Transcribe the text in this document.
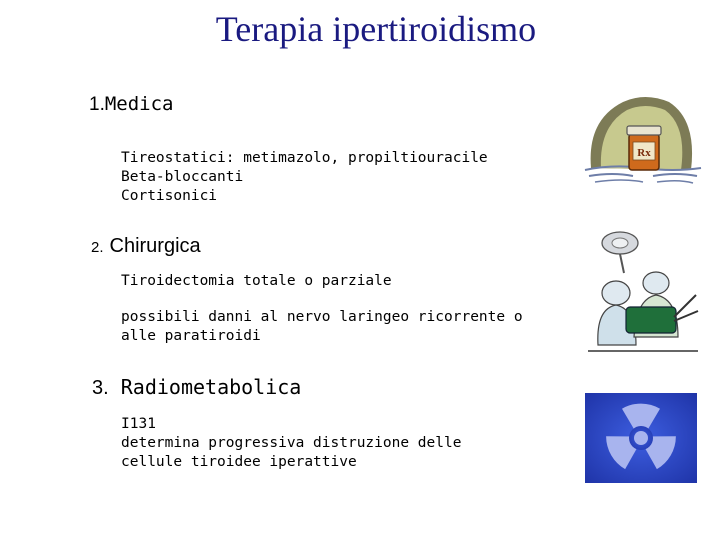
Terapia ipertiroidismo
1.Medica
Tireostatici: metimazolo, propiltiouracile
Beta-bloccanti
Cortisonici
2. Chirurgica
Tiroidectomia totale o parziale
possibili danni al nervo laringeo ricorrente o
alle paratiroidi
3. Radiometabolica
I131
determina progressiva distruzione delle
cellule tiroidee iperattive
Rx
